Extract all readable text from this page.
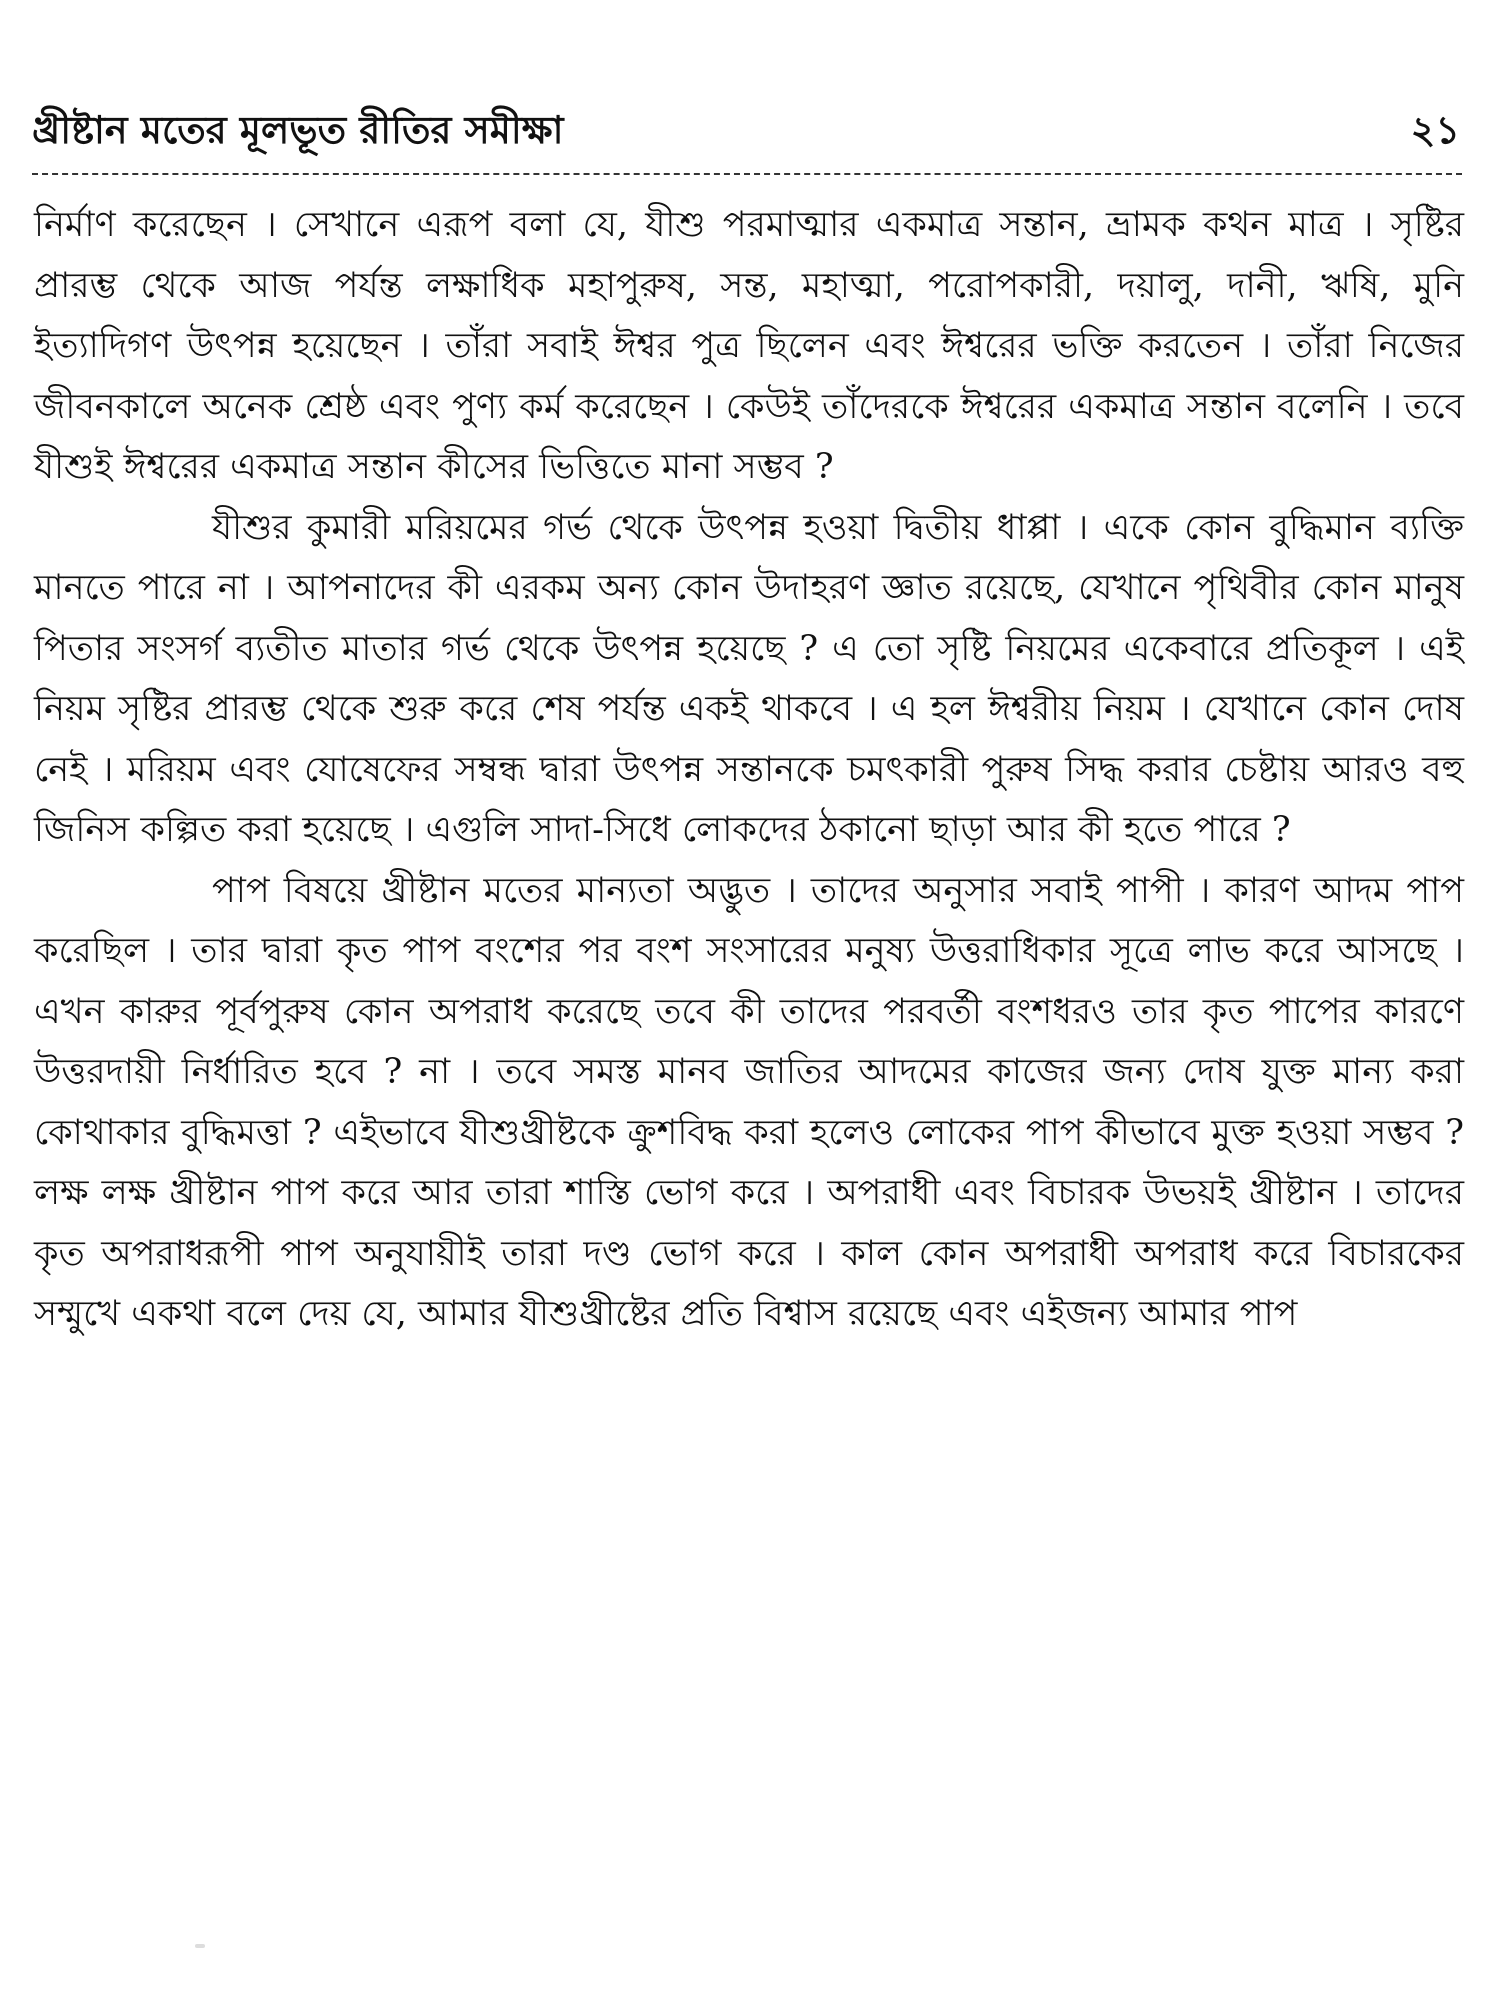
খ্রীষ্টান মতের মূলভূত রীতির সমীক্ষা	২১

নির্মাণ করেছেন । সেখানে এরূপ বলা যে, যীশু পরমাত্মার একমাত্র সন্তান, ভ্রামক কথন মাত্র । সৃষ্টির প্রারম্ভ থেকে আজ পর্যন্ত লক্ষাধিক মহাপুরুষ, সন্ত, মহাত্মা, পরোপকারী, দয়ালু, দানী, ঋষি, মুনি ইত্যাদিগণ উৎপন্ন হয়েছেন । তাঁরা সবাই ঈশ্বর পুত্র ছিলেন এবং ঈশ্বরের ভক্তি করতেন । তাঁরা নিজের জীবনকালে অনেক শ্রেষ্ঠ এবং পুণ্য কর্ম করেছেন । কেউই তাঁদেরকে ঈশ্বরের একমাত্র সন্তান বলেনি । তবে যীশুই ঈশ্বরের একমাত্র সন্তান কীসের ভিত্তিতে মানা সম্ভব ?

যীশুর কুমারী মরিয়মের গর্ভ থেকে উৎপন্ন হওয়া দ্বিতীয় ধাপ্পা । একে কোন বুদ্ধিমান ব্যক্তি মানতে পারে না । আপনাদের কী এরকম অন্য কোন উদাহরণ জ্ঞাত রয়েছে, যেখানে পৃথিবীর কোন মানুষ পিতার সংসর্গ ব্যতীত মাতার গর্ভ থেকে উৎপন্ন হয়েছে ? এ তো সৃষ্টি নিয়মের একেবারে প্রতিকূল । এই নিয়ম সৃষ্টির প্রারম্ভ থেকে শুরু করে শেষ পর্যন্ত একই থাকবে । এ হল ঈশ্বরীয় নিয়ম । যেখানে কোন দোষ নেই । মরিয়ম এবং যোষেফের সম্বন্ধ দ্বারা উৎপন্ন সন্তানকে চমৎকারী পুরুষ সিদ্ধ করার চেষ্টায় আরও বহু জিনিস কল্পিত করা হয়েছে । এগুলি সাদা-সিধে লোকদের ঠকানো ছাড়া আর কী হতে পারে ?

পাপ বিষয়ে খ্রীষ্টান মতের মান্যতা অদ্ভুত । তাদের অনুসার সবাই পাপী । কারণ আদম পাপ করেছিল । তার দ্বারা কৃত পাপ বংশের পর বংশ সংসারের মনুষ্য উত্তরাধিকার সূত্রে লাভ করে আসছে । এখন কারুর পূর্বপুরুষ কোন অপরাধ করেছে তবে কী তাদের পরবর্তী বংশধরও তার কৃত পাপের কারণে উত্তরদায়ী নির্ধারিত হবে ? না । তবে সমস্ত মানব জাতির আদমের কাজের জন্য দোষ যুক্ত মান্য করা কোথাকার বুদ্ধিমত্তা ? এইভাবে যীশুখ্রীষ্টকে ক্রুশবিদ্ধ করা হলেও লোকের পাপ কীভাবে মুক্ত হওয়া সম্ভব ? লক্ষ লক্ষ খ্রীষ্টান পাপ করে আর তারা শাস্তি ভোগ করে । অপরাধী এবং বিচারক উভয়ই খ্রীষ্টান । তাদের কৃত অপরাধরূপী পাপ অনুযায়ীই তারা দণ্ড ভোগ করে । কাল কোন অপরাধী অপরাধ করে বিচারকের সম্মুখে একথা বলে দেয় যে, আমার যীশুখ্রীষ্টের প্রতি বিশ্বাস রয়েছে এবং এইজন্য আমার পাপ
